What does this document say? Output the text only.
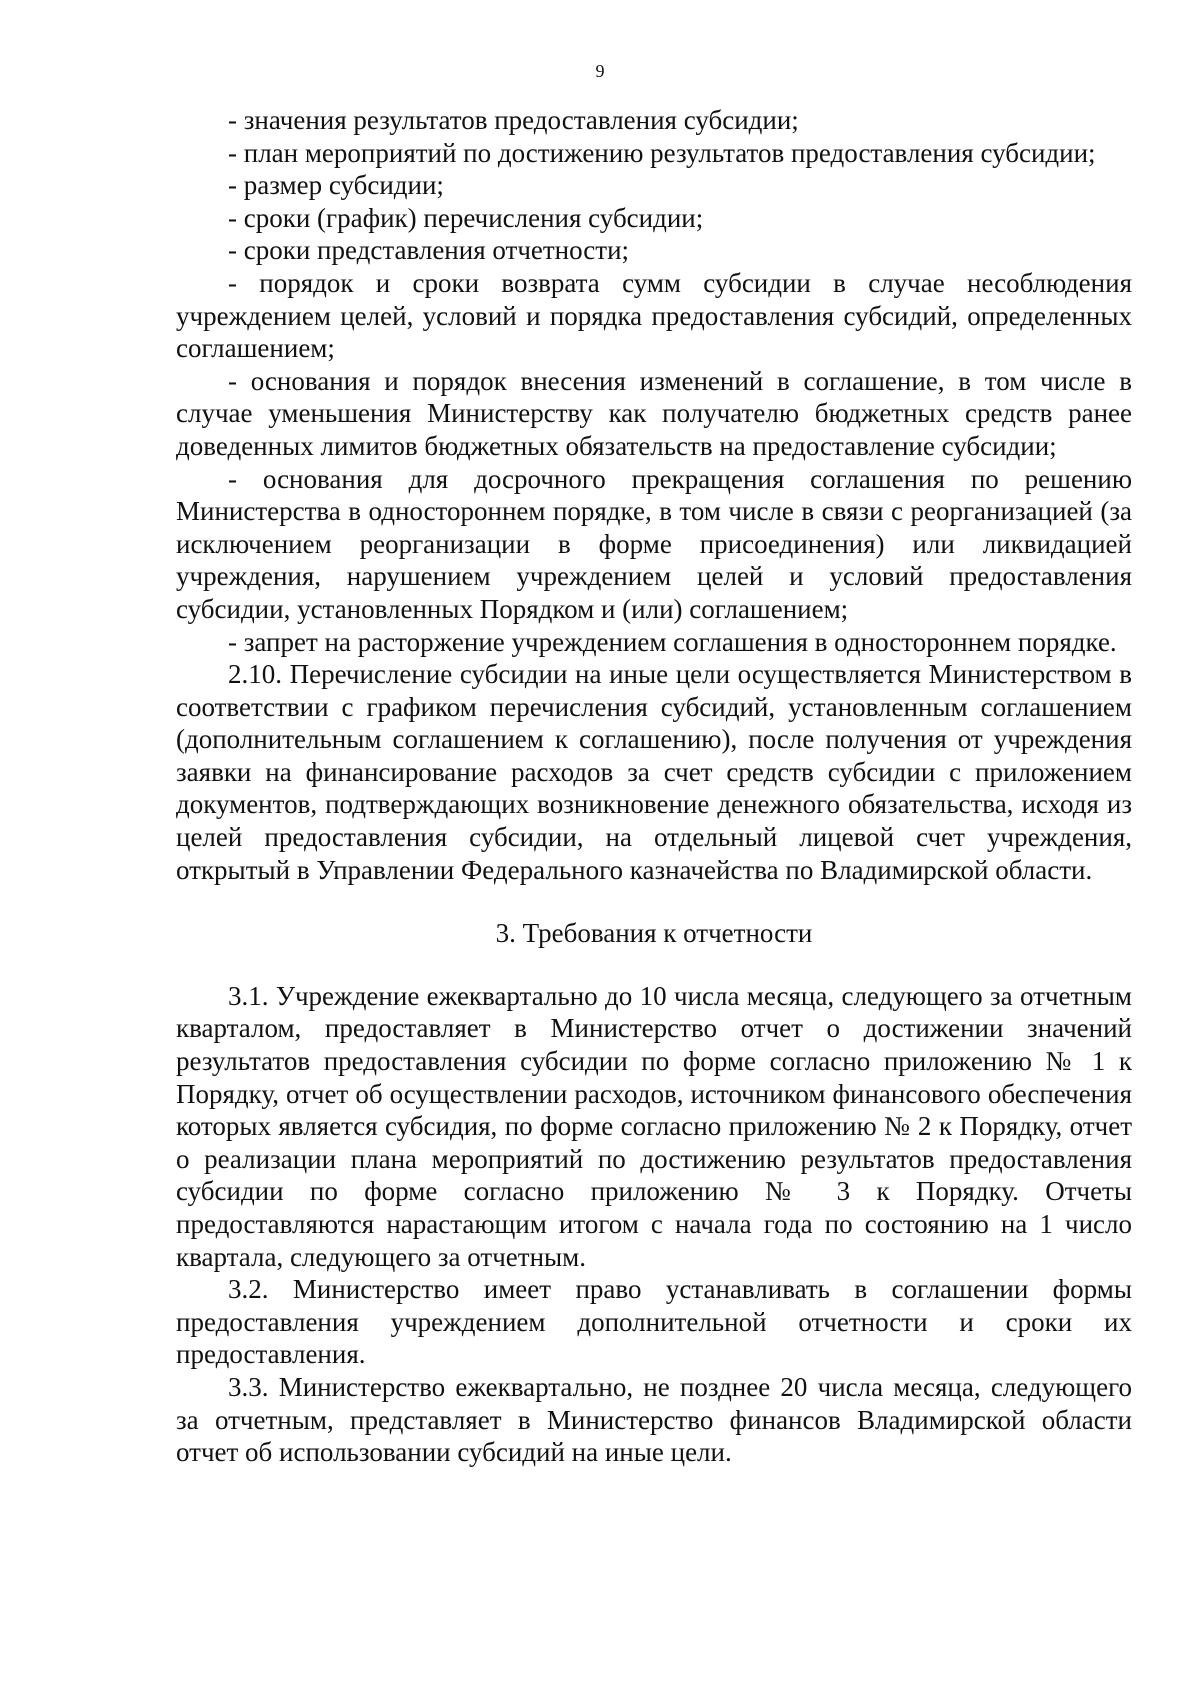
9

- значения результатов предоставления субсидии;

- план мероприятий по достижению результатов предоставления субсидии;

- размер субсидии;

- сроки (график) перечисления субсидии;

- сроки представления отчетности;

- порядок и сроки возврата сумм субсидии в случае несоблюдения учреждением целей, условий и порядка предоставления субсидий, определенных соглашением;

- основания и порядок внесения изменений в соглашение, в том числе в случае уменьшения Министерству как получателю бюджетных средств ранее доведенных лимитов бюджетных обязательств на предоставление субсидии;

- основания для досрочного прекращения соглашения по решению Министерства в одностороннем порядке, в том числе в связи с реорганизацией (за исключением реорганизации в форме присоединения) или ликвидацией учреждения, нарушением учреждением целей и условий предоставления субсидии, установленных Порядком и (или) соглашением;

- запрет на расторжение учреждением соглашения в одностороннем порядке.

2.10. Перечисление субсидии на иные цели осуществляется Министерством в соответствии с графиком перечисления субсидий, установленным соглашением (дополнительным соглашением к соглашению), после получения от учреждения заявки на финансирование расходов за счет средств субсидии с приложением документов, подтверждающих возникновение денежного обязательства, исходя из целей предоставления субсидии, на отдельный лицевой счет учреждения, открытый в Управлении Федерального казначейства по Владимирской области.

3. Требования к отчетности

3.1. Учреждение ежеквартально до 10 числа месяца, следующего за отчетным кварталом, предоставляет в Министерство отчет о достижении значений результатов предоставления субсидии по форме согласно приложению № 1 к Порядку, отчет об осуществлении расходов, источником финансового обеспечения которых является субсидия, по форме согласно приложению № 2 к Порядку, отчет о реализации плана мероприятий по достижению результатов предоставления субсидии по форме согласно приложению № 3 к Порядку. Отчеты предоставляются нарастающим итогом с начала года по состоянию на 1 число квартала, следующего за отчетным.

3.2. Министерство имеет право устанавливать в соглашении формы предоставления учреждением дополнительной отчетности и сроки их предоставления.

3.3. Министерство ежеквартально, не позднее 20 числа месяца, следующего за отчетным, представляет в Министерство финансов Владимирской области отчет об использовании субсидий на иные цели.
